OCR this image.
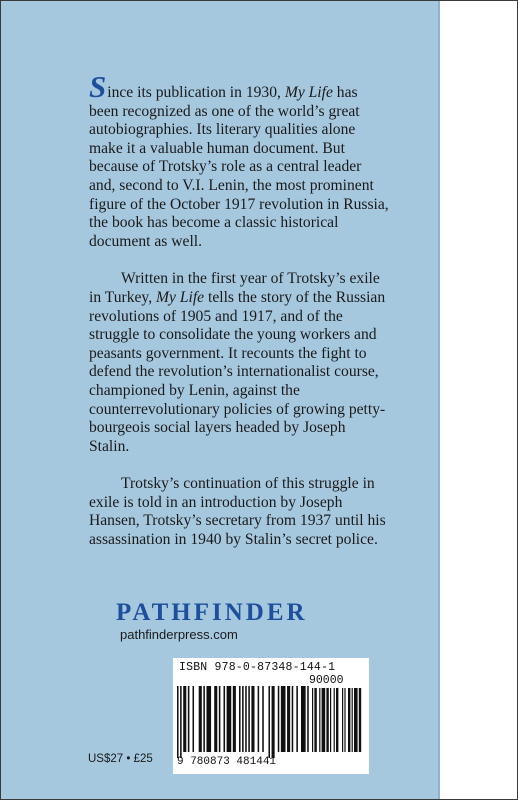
Since its publication in 1930, My Life has been recognized as one of the world’s great autobiographies. Its literary qualities alone make it a valuable human document. But because of Trotsky’s role as a central leader and, second to V.I. Lenin, the most prominent figure of the October 1917 revolution in Russia, the book has become a classic historical document as well.

Written in the first year of Trotsky’s exile in Turkey, My Life tells the story of the Russian revolutions of 1905 and 1917, and of the struggle to consolidate the young workers and peasants government. It recounts the fight to defend the revolution’s internationalist course, championed by Lenin, against the counterrevolutionary policies of growing petty-bourgeois social layers headed by Joseph Stalin.

Trotsky’s continuation of this struggle in exile is told in an introduction by Joseph Hansen, Trotsky’s secretary from 1937 until his assassination in 1940 by Stalin’s secret police.

PATHFINDER
pathfinderpress.com
ISBN 978-0-87348-144-1
90000
9 780873 481441
US$27 • £25
